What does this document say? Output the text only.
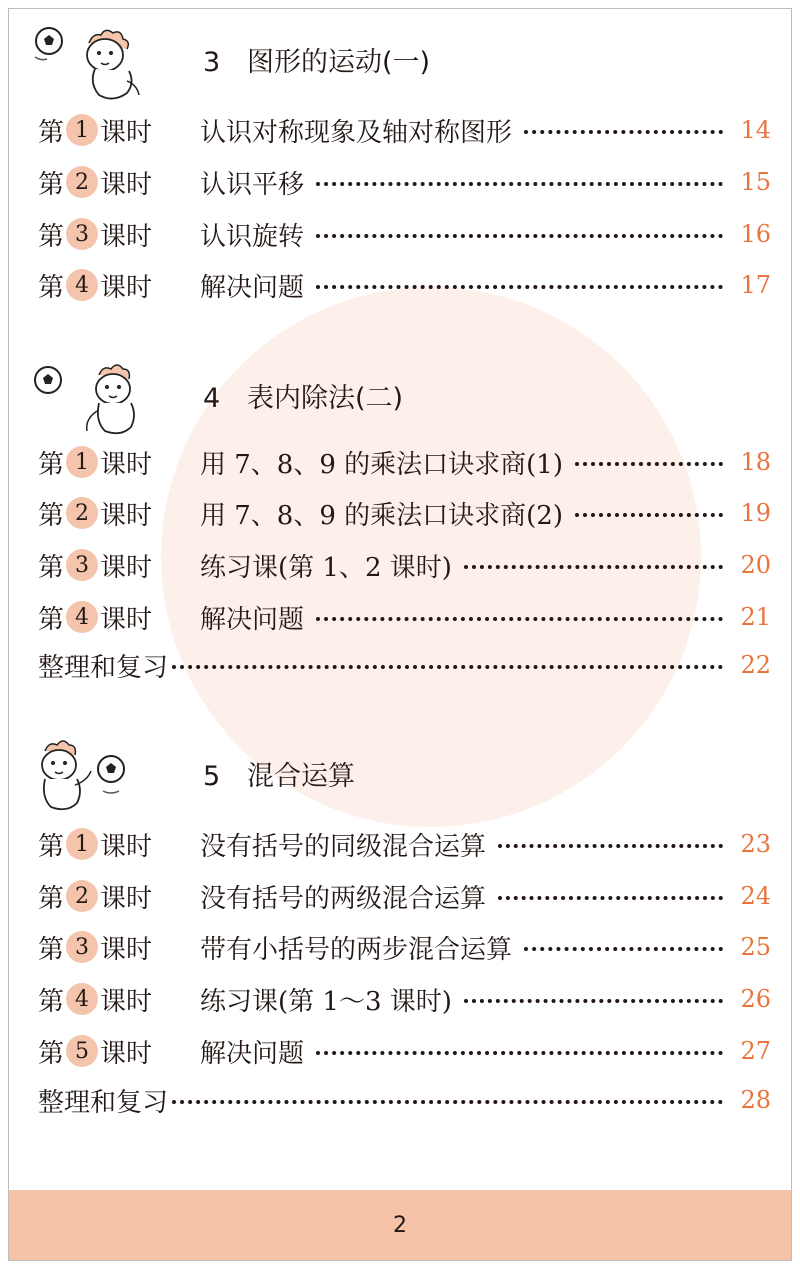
3 图形的运动(一)
第 1 课时 认识对称现象及轴对称图形	14
第 2 课时 认识平移	15
第 3 课时 认识旋转	16
第 4 课时 解决问题	17
4 表内除法(二)
第 1 课时 用 7、8、9 的乘法口诀求商(1)	18
第 2 课时 用 7、8、9 的乘法口诀求商(2)	19
第 3 课时 练习课(第 1、2 课时)	20
第 4 课时 解决问题	21
整理和复习	22
5 混合运算
第 1 课时 没有括号的同级混合运算	23
第 2 课时 没有括号的两级混合运算	24
第 3 课时 带有小括号的两步混合运算	25
第 4 课时 练习课(第 1～3 课时)	26
第 5 课时 解决问题	27
整理和复习	28
2
